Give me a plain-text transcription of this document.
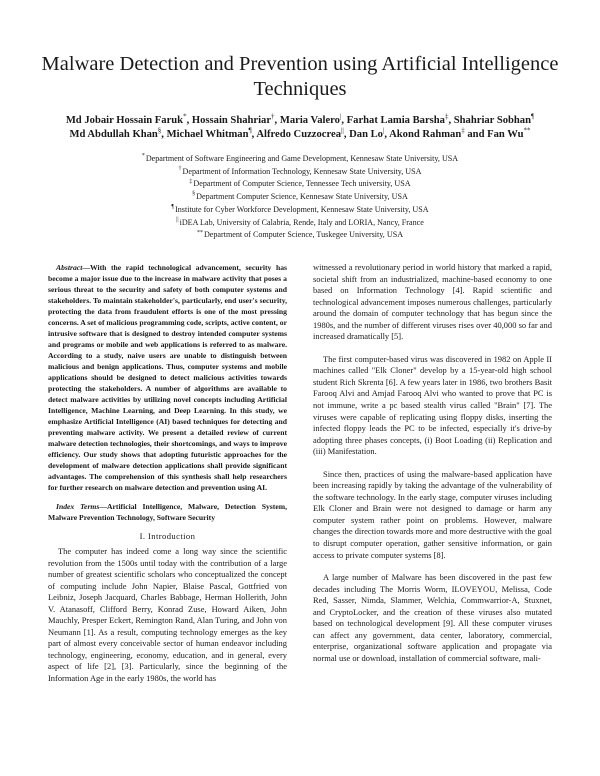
Malware Detection and Prevention using Artificial Intelligence Techniques
Md Jobair Hossain Faruk*, Hossain Shahriar†, Maria Valero|, Farhat Lamia Barsha‡, Shahriar Sobhan¶
Md Abdullah Khan§, Michael Whitman¶, Alfredo Cuzzocrea||, Dan Lo|, Akond Rahman‡ and Fan Wu**
*Department of Software Engineering and Game Development, Kennesaw State University, USA
†Department of Information Technology, Kennesaw State University, USA
‡Department of Computer Science, Tennessee Tech university, USA
§Department Computer Science, Kennesaw State University, USA
¶Institute for Cyber Workforce Development, Kennesaw State University, USA
||iDEA Lab, University of Calabria, Rende, Italy and LORIA, Nancy, France
**Department of Computer Science, Tuskegee University, USA

Abstract—With the rapid technological advancement, security has become a major issue due to the increase in malware activity that poses a serious threat to the security and safety of both computer systems and stakeholders. To maintain stakeholder's, particularly, end user's security, protecting the data from fraudulent efforts is one of the most pressing concerns. A set of malicious programming code, scripts, active content, or intrusive software that is designed to destroy intended computer systems and programs or mobile and web applications is referred to as malware. According to a study, naive users are unable to distinguish between malicious and benign applications. Thus, computer systems and mobile applications should be designed to detect malicious activities towards protecting the stakeholders. A number of algorithms are available to detect malware activities by utilizing novel concepts including Artificial Intelligence, Machine Learning, and Deep Learning. In this study, we emphasize Artificial Intelligence (AI) based techniques for detecting and preventing malware activity. We present a detailed review of current malware detection technologies, their shortcomings, and ways to improve efficiency. Our study shows that adopting futuristic approaches for the development of malware detection applications shall provide significant advantages. The comprehension of this synthesis shall help researchers for further research on malware detection and prevention using AI.

Index Terms—Artificial Intelligence, Malware, Detection System, Malware Prevention Technology, Software Security

I. Introduction

The computer has indeed come a long way since the scientific revolution from the 1500s until today with the contribution of a large number of greatest scientific scholars who conceptualized the concept of computing include John Napier, Blaise Pascal, Gottfried von Leibniz, Joseph Jacquard, Charles Babbage, Herman Hollerith, John V. Atanasoff, Clifford Berry, Konrad Zuse, Howard Aiken, John Mauchly, Presper Eckert, Remington Rand, Alan Turing, and John von Neumann [1]. As a result, computing technology emerges as the key part of almost every conceivable sector of human endeavor including technology, engineering, economy, education, and in general, every aspect of life [2], [3]. Particularly, since the beginning of the Information Age in the early 1980s, the world has

witnessed a revolutionary period in world history that marked a rapid, societal shift from an industrialized, machine-based economy to one based on Information Technology [4]. Rapid scientific and technological advancement imposes numerous challenges, particularly around the domain of computer technology that has begun since the 1980s, and the number of different viruses rises over 40,000 so far and increased dramatically [5].

The first computer-based virus was discovered in 1982 on Apple II machines called "Elk Cloner" develop by a 15-year-old high school student Rich Skrenta [6]. A few years later in 1986, two brothers Basit Farooq Alvi and Amjad Farooq Alvi who wanted to prove that PC is not immune, write a pc based stealth virus called "Brain" [7]. The viruses were capable of replicating using floppy disks, inserting the infected floppy leads the PC to be infected, especially it's drive-by adopting three phases concepts, (i) Boot Loading (ii) Replication and (iii) Manifestation.

Since then, practices of using the malware-based application have been increasing rapidly by taking the advantage of the vulnerability of the software technology. In the early stage, computer viruses including Elk Cloner and Brain were not designed to damage or harm any computer system rather point on problems. However, malware changes the direction towards more and more destructive with the goal to disrupt computer operation, gather sensitive information, or gain access to private computer systems [8].

A large number of Malware has been discovered in the past few decades including The Morris Worm, ILOVEYOU, Melissa, Code Red, Sasser, Nimda, Slammer, Welchia, Commwarrior-A, Stuxnet, and CryptoLocker, and the creation of these viruses also mutated based on technological development [9]. All these computer viruses can affect any government, data center, laboratory, commercial, enterprise, organizational software application and propagate via normal use or download, installation of commercial software, mali-
